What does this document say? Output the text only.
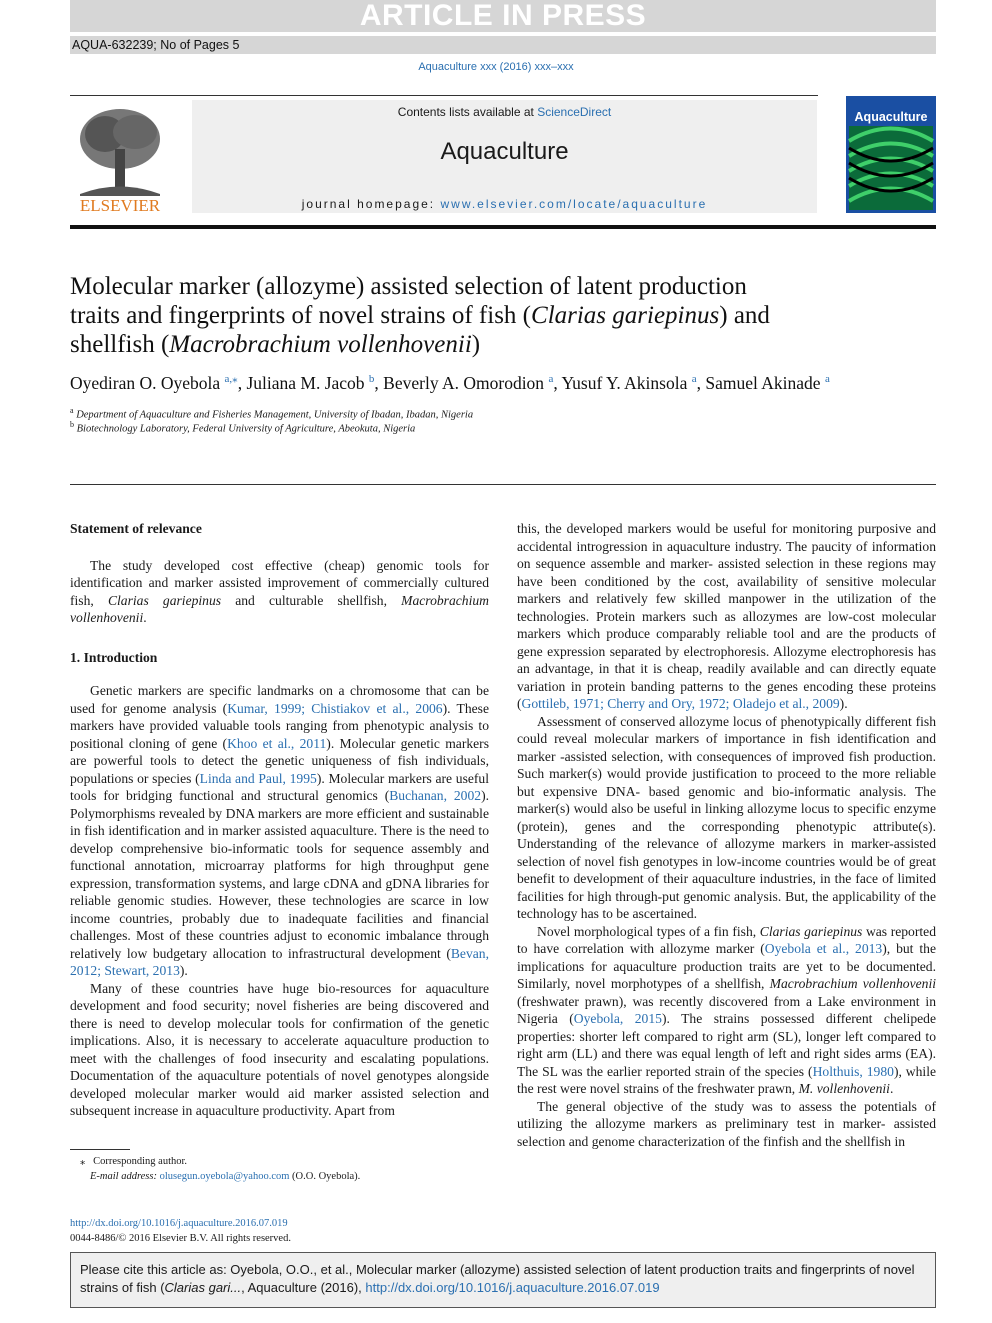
ARTICLE IN PRESS
AQUA-632239; No of Pages 5
Aquaculture xxx (2016) xxx–xxx
ELSEVIER
Contents lists available at ScienceDirect
Aquaculture
journal homepage: www.elsevier.com/locate/aquaculture
Aquaculture
Molecular marker (allozyme) assisted selection of latent production
traits and fingerprints of novel strains of fish (Clarias gariepinus) and
shellfish (Macrobrachium vollenhovenii)
Oyediran O. Oyebola $^{a,⁎}$, Juliana M. Jacob $^b$, Beverly A. Omorodion $^a$, Yusuf Y. Akinsola $^a$, Samuel Akinade $^a$
$^a$ Department of Aquaculture and Fisheries Management, University of Ibadan, Ibadan, Nigeria
$^b$ Biotechnology Laboratory, Federal University of Agriculture, Abeokuta, Nigeria
Statement of relevance

The study developed cost effective (cheap) genomic tools for identification and marker assisted improvement of commercially cultured fish, Clarias gariepinus and culturable shellfish, Macrobrachium vollenhovenii.

1. Introduction

Genetic markers are specific landmarks on a chromosome that can be used for genome analysis (Kumar, 1999; Chistiakov et al., 2006). These markers have provided valuable tools ranging from phenotypic analysis to positional cloning of gene (Khoo et al., 2011). Molecular genetic markers are powerful tools to detect the genetic uniqueness of fish individuals, populations or species (Linda and Paul, 1995). Molecular markers are useful tools for bridging functional and structural genomics (Buchanan, 2002). Polymorphisms revealed by DNA markers are more efficient and sustainable in fish identification and in marker assisted aquaculture. There is the need to develop comprehensive bio-informatic tools for sequence assembly and functional annotation, microarray platforms for high throughput gene expression, transformation systems, and large cDNA and gDNA libraries for reliable genomic studies. However, these technologies are scarce in low income countries, probably due to inadequate facilities and financial challenges. Most of these countries adjust to economic imbalance through relatively low budgetary allocation to infrastructural development (Bevan, 2012; Stewart, 2013).

Many of these countries have huge bio-resources for aquaculture development and food security; novel fisheries are being discovered and there is need to develop molecular tools for confirmation of the genetic implications. Also, it is necessary to accelerate aquaculture production to meet with the challenges of food insecurity and escalating populations. Documentation of the aquaculture potentials of novel genotypes alongside developed molecular marker would aid marker assisted selection and subsequent increase in aquaculture productivity. Apart from

this, the developed markers would be useful for monitoring purposive and accidental introgression in aquaculture industry. The paucity of information on sequence assemble and marker- assisted selection in these regions may have been conditioned by the cost, availability of sensitive molecular markers and relatively few skilled manpower in the utilization of the technologies. Protein markers such as allozymes are low-cost molecular markers which produce comparably reliable tool and are the products of gene expression separated by electrophoresis. Allozyme electrophoresis has an advantage, in that it is cheap, readily available and can directly equate variation in protein banding patterns to the genes encoding these proteins (Gottileb, 1971; Cherry and Ory, 1972; Oladejo et al., 2009).

Assessment of conserved allozyme locus of phenotypically different fish could reveal molecular markers of importance in fish identification and marker -assisted selection, with consequences of improved fish production. Such marker(s) would provide justification to proceed to the more reliable but expensive DNA- based genomic and bio-informatic analysis. The marker(s) would also be useful in linking allozyme locus to specific enzyme (protein), genes and the corresponding phenotypic attribute(s). Understanding of the relevance of allozyme markers in marker-assisted selection of novel fish genotypes in low-income countries would be of great benefit to development of their aquaculture industries, in the face of limited facilities for high through-put genomic analysis. But, the applicability of the technology has to be ascertained.

Novel morphological types of a fin fish, Clarias gariepinus was reported to have correlation with allozyme marker (Oyebola et al., 2013), but the implications for aquaculture production traits are yet to be documented. Similarly, novel morphotypes of a shellfish, Macrobrachium vollenhovenii (freshwater prawn), was recently discovered from a Lake environment in Nigeria (Oyebola, 2015). The strains possessed different chelipede properties: shorter left compared to right arm (SL), longer left compared to right arm (LL) and there was equal length of left and right sides arms (EA). The SL was the earlier reported strain of the species (Holthuis, 1980), while the rest were novel strains of the freshwater prawn, M. vollenhovenii.

The general objective of the study was to assess the potentials of utilizing the allozyme markers as preliminary test in marker- assisted selection and genome characterization of the finfish and the shellfish in

⁎ Corresponding author.
E-mail address: olusegun.oyebola@yahoo.com (O.O. Oyebola).
http://dx.doi.org/10.1016/j.aquaculture.2016.07.019
0044-8486/© 2016 Elsevier B.V. All rights reserved.
Please cite this article as: Oyebola, O.O., et al., Molecular marker (allozyme) assisted selection of latent production traits and fingerprints of novel strains of fish (Clarias gari..., Aquaculture (2016), http://dx.doi.org/10.1016/j.aquaculture.2016.07.019
